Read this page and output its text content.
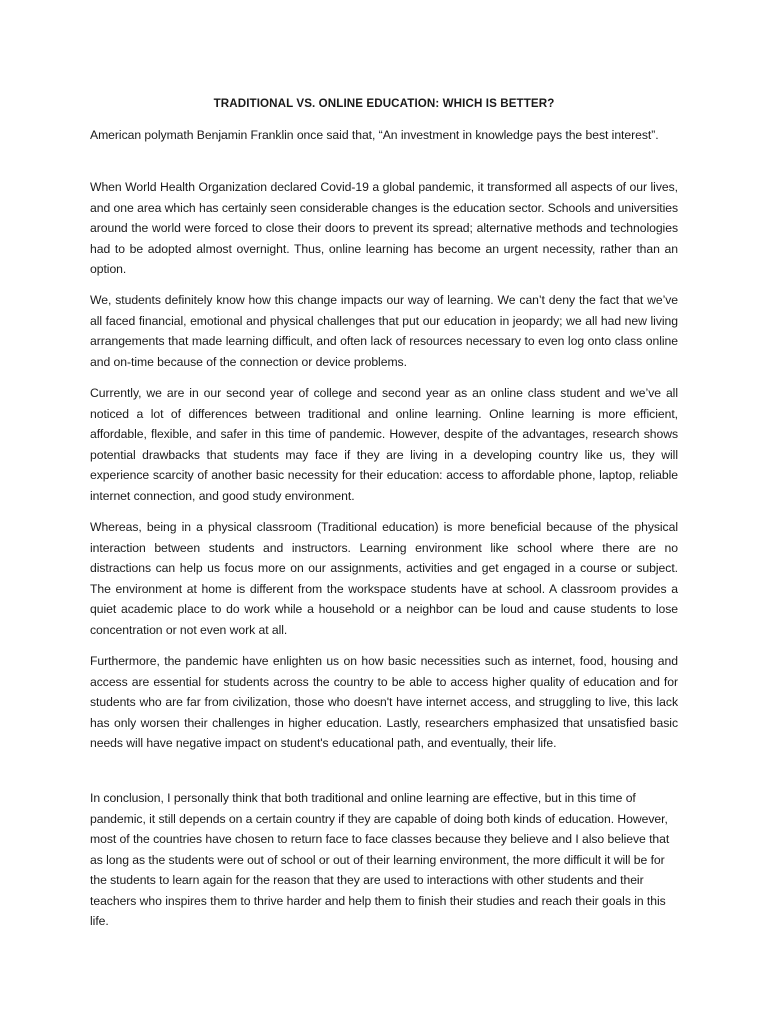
TRADITIONAL VS. ONLINE EDUCATION: WHICH IS BETTER?

American polymath Benjamin Franklin once said that, “An investment in knowledge pays the best interest”.

When World Health Organization declared Covid-19 a global pandemic, it transformed all aspects of our lives, and one area which has certainly seen considerable changes is the education sector. Schools and universities around the world were forced to close their doors to prevent its spread; alternative methods and technologies had to be adopted almost overnight. Thus, online learning has become an urgent necessity, rather than an option.

We, students definitely know how this change impacts our way of learning. We can’t deny the fact that we’ve all faced financial, emotional and physical challenges that put our education in jeopardy; we all had new living arrangements that made learning difficult, and often lack of resources necessary to even log onto class online and on-time because of the connection or device problems.

Currently, we are in our second year of college and second year as an online class student and we’ve all noticed a lot of differences between traditional and online learning. Online learning is more efficient, affordable, flexible, and safer in this time of pandemic. However, despite of the advantages, research shows potential drawbacks that students may face if they are living in a developing country like us, they will experience scarcity of another basic necessity for their education: access to affordable phone, laptop, reliable internet connection, and good study environment.

Whereas, being in a physical classroom (Traditional education) is more beneficial because of the physical interaction between students and instructors. Learning environment like school where there are no distractions can help us focus more on our assignments, activities and get engaged in a course or subject. The environment at home is different from the workspace students have at school. A classroom provides a quiet academic place to do work while a household or a neighbor can be loud and cause students to lose concentration or not even work at all.

Furthermore, the pandemic have enlighten us on how basic necessities such as internet, food, housing and access are essential for students across the country to be able to access higher quality of education and for students who are far from civilization, those who doesn't have internet access, and struggling to live, this lack has only worsen their challenges in higher education. Lastly, researchers emphasized that unsatisfied basic needs will have negative impact on student's educational path, and eventually, their life.

In conclusion, I personally think that both traditional and online learning are effective, but in this time of pandemic, it still depends on a certain country if they are capable of doing both kinds of education. However, most of the countries have chosen to return face to face classes because they believe and I also believe that as long as the students were out of school or out of their learning environment, the more difficult it will be for the students to learn again for the reason that they are used to interactions with other students and their teachers who inspires them to thrive harder and help them to finish their studies and reach their goals in this life.
